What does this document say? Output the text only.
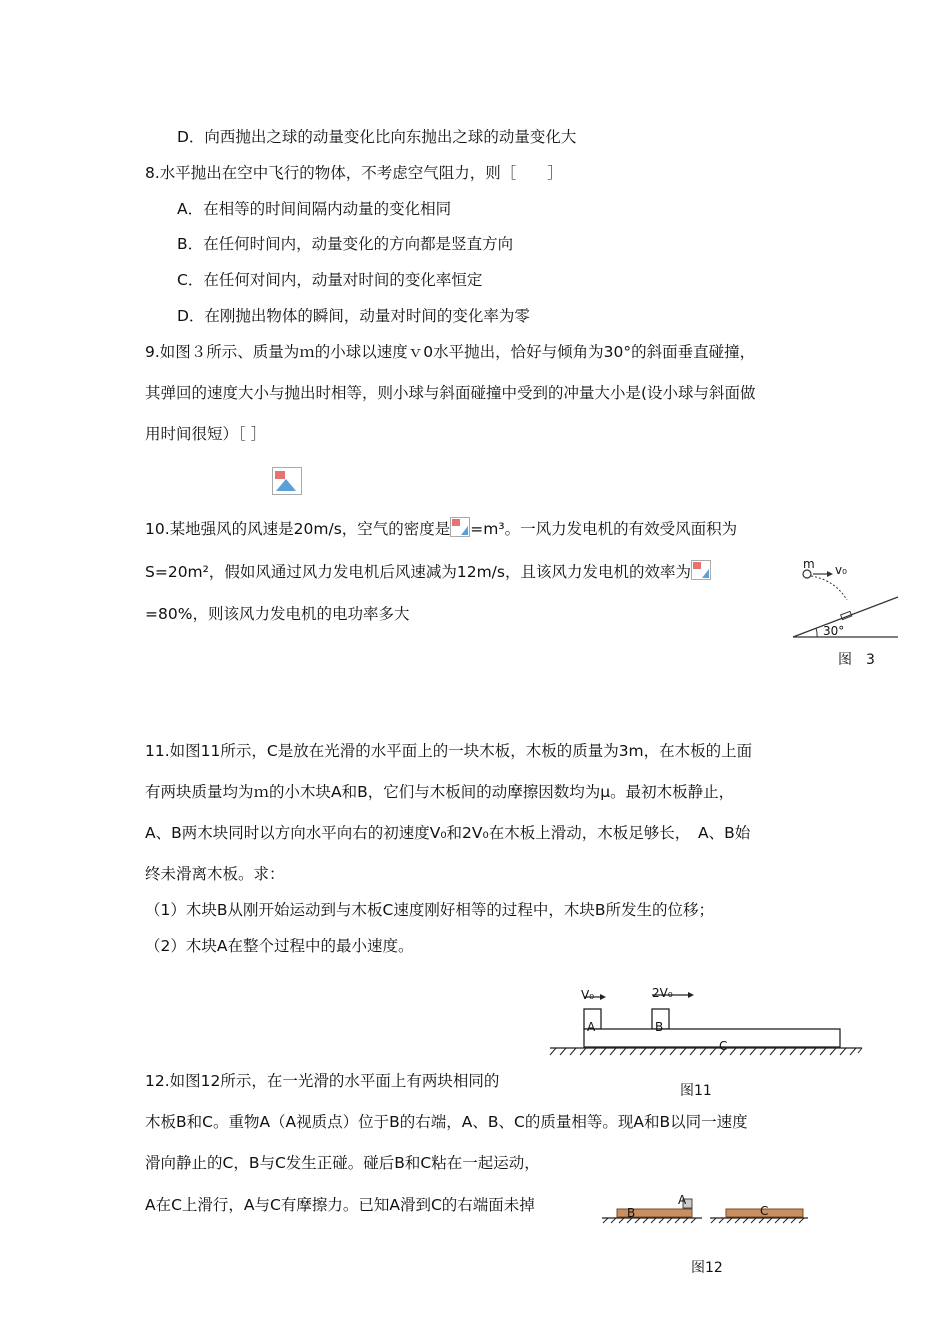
D．向西抛出之球的动量变化比向东抛出之球的动量变化大
8.水平抛出在空中飞行的物体，不考虑空气阻力，则［　　］
A．在相等的时间间隔内动量的变化相同
B．在任何时间内，动量变化的方向都是竖直方向
C．在任何对间内，动量对时间的变化率恒定
D．在刚抛出物体的瞬间，动量对时间的变化率为零
9.如图３所示、质量为ｍ的小球以速度ｖ0水平抛出，恰好与倾角为30°的斜面垂直碰撞，
其弹回的速度大小与抛出时相等，则小球与斜面碰撞中受到的冲量大小是(设小球与斜面做
用时间很短）［ ］
10.某地强风的风速是20m/s，空气的密度是 =m³。一风力发电机的有效受风面积为
S=20m²，假如风通过风力发电机后风速减为12m/s，且该风力发电机的效率为
=80%，则该风力发电机的电功率多大
m v₀
30°
图　3
11.如图11所示，C是放在光滑的水平面上的一块木板，木板的质量为3m，在木板的上面
有两块质量均为ｍ的小木块A和B，它们与木板间的动摩擦因数均为μ。最初木板静止，
A、B两木块同时以方向水平向右的初速度V₀和2V₀在木板上滑动，木板足够长，　A、B始
终未滑离木板。求：
（1）木块B从刚开始运动到与木板C速度刚好相等的过程中，木块B所发生的位移；
（2）木块A在整个过程中的最小速度。
V₀	2V₀
A	B
C
图11
12.如图12所示，在一光滑的水平面上有两块相同的
木板B和C。重物A（A视质点）位于B的右端，A、B、C的质量相等。现A和B以同一速度
滑向静止的C，B与C发生正碰。碰后B和C粘在一起运动，
A在C上滑行，A与C有摩擦力。已知A滑到C的右端面未掉	A
B	C
图12
